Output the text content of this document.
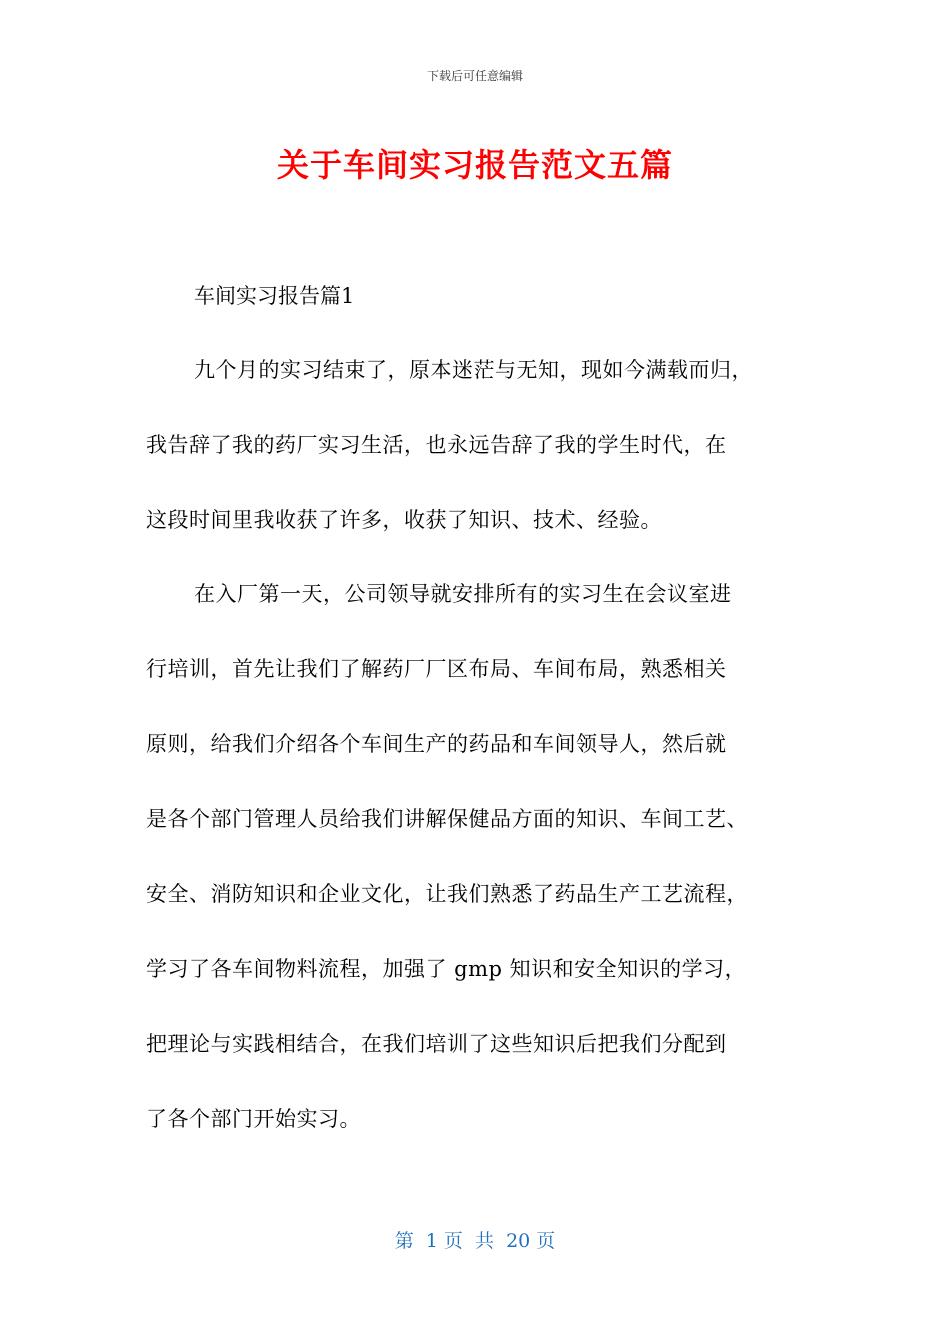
下载后可任意编辑
关于车间实习报告范文五篇
车间实习报告篇1
九个月的实习结束了，原本迷茫与无知，现如今满载而归，
我告辞了我的药厂实习生活，也永远告辞了我的学生时代，在
这段时间里我收获了许多，收获了知识、技术、经验。
在入厂第一天，公司领导就安排所有的实习生在会议室进
行培训，首先让我们了解药厂厂区布局、车间布局，熟悉相关
原则，给我们介绍各个车间生产的药品和车间领导人，然后就
是各个部门管理人员给我们讲解保健品方面的知识、车间工艺、
安全、消防知识和企业文化，让我们熟悉了药品生产工艺流程，
学习了各车间物料流程，加强了 gmp 知识和安全知识的学习，
把理论与实践相结合，在我们培训了这些知识后把我们分配到
了各个部门开始实习。
第  1 页  共  20 页
